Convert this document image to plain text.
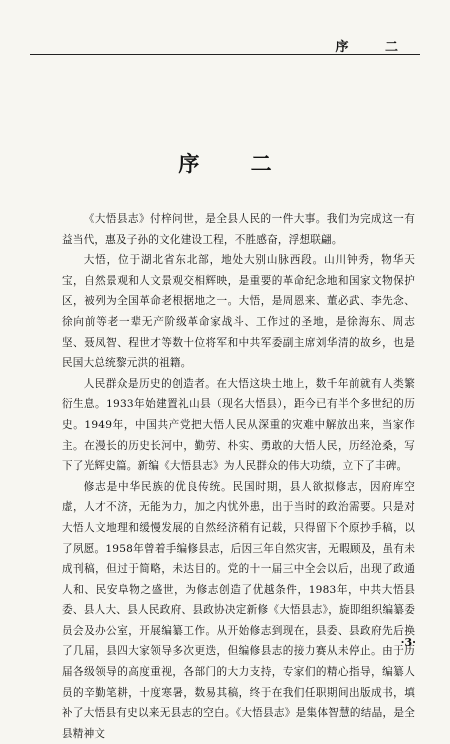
序 二
序 二

《大悟县志》付梓问世，是全县人民的一件大事。我们为完成这一有益当代，惠及子孙的文化建设工程，不胜感奋，浮想联翩。

大悟，位于湖北省东北部，地处大别山脉西段。山川钟秀，物华天宝，自然景观和人文景观交相辉映，是重要的革命纪念地和国家文物保护区，被列为全国革命老根据地之一。大悟，是周恩来、董必武、李先念、徐向前等老一辈无产阶级革命家战斗、工作过的圣地，是徐海东、周志坚、聂凤智、程世才等数十位将军和中共军委副主席刘华清的故乡，也是民国大总统黎元洪的祖籍。

人民群众是历史的创造者。在大悟这块土地上，数千年前就有人类繁衍生息。1933年始建置礼山县（现名大悟县），距今已有半个多世纪的历史。1949年，中国共产党把大悟人民从深重的灾难中解放出来，当家作主。在漫长的历史长河中，勤劳、朴实、勇敢的大悟人民，历经沧桑，写下了光辉史篇。新编《大悟县志》为人民群众的伟大功绩，立下了丰碑。

修志是中华民族的优良传统。民国时期，县人欲拟修志，因府库空虚，人才不济，无能为力，加之内忧外患，出于当时的政治需要。只是对大悟人文地理和缓慢发展的自然经济稍有记载，只得留下个原抄手稿，以了夙愿。1958年曾着手编修县志，后因三年自然灾害，无暇顾及，虽有未成刊稿，但过于简略，未达目的。党的十一届三中全会以后，出现了政通人和、民安阜物之盛世，为修志创造了优越条件，1983年，中共大悟县委、县人大、县人民政府、县政协决定新修《大悟县志》，旋即组织编纂委员会及办公室，开展编纂工作。从开始修志到现在，县委、县政府先后换了几届，县四大家领导多次更迭，但编修县志的接力赛从未停止。由于历届各级领导的高度重视，各部门的大力支持，专家们的精心指导，编纂人员的辛勤笔耕，十度寒暑，数易其稿，终于在我们任职期间出版成书，填补了大悟县有史以来无县志的空白。《大悟县志》是集体智慧的结晶，是全县精神文

·3·
